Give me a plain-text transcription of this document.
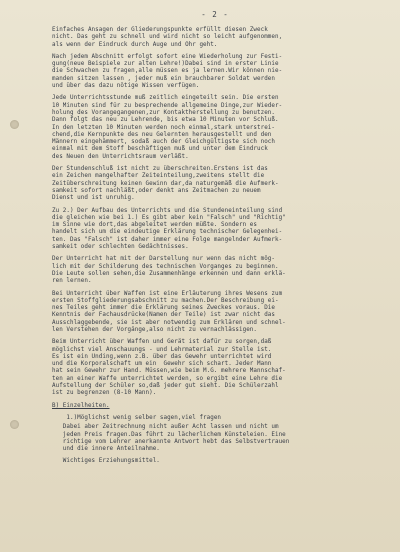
- 2 -
Einfaches Ansagen der Gliederungspunkte erfüllt diesen Zweck
nicht. Das geht zu schnell und wird nicht so leicht aufgenommen,
als wenn der Eindruck durch Auge und Ohr geht.
Nach jedem Abschnitt erfolgt sofort eine Wiederholung zur Festi-
gung(neue Beispiele zur alten Lehre!)Dabei sind in erster Linie
die Schwachen zu fragen,alle müssen es ja lernen.Wir können nie-
manden sitzen lassen , jeder muß ein brauchbarer Soldat werden
und über das dazu nötige Wissen verfügen.
Jede Unterrichtsstunde muß zeitlich eingeteilt sein. Die ersten
10 Minuten sind für zu besprechende allgemeine Dinge,zur Wieder-
holung des Vorangegangenen,zur Kontaktherstellung zu benutzen.
Dann folgt das neu zu Lehrende, bis etwa 10 Minuten vor Schluß.
In den letzten 10 Minuten werden noch einmal,stark unterstrei-
chend,die Kernpunkte des neu Gelernten herausgestellt und den
Männern eingehämmert, sodaß auch der Gleichgültigste sich noch
einmal mit dem Stoff beschäftigen muß und unter dem Eindruck
des Neuen den Unterrichtsraum verläßt.
Der Stundenschluß ist nicht zu überschreiten.Erstens ist das
ein Zeichen mangelhafter Zeiteinteilung,zweitens stellt die
Zeitüberschreitung keinen Gewinn dar,da naturgemäß die Aufmerk-
samkeit sofort nachläßt,oder denkt ans Zeitmachen zu neuem
Dienst und ist unruhig.
Zu 2.) Der Aufbau des Unterrichts und die Stundeneinteilung sind
die gleichen wie bei 1.) Es gibt aber kein "Falsch" und "Richtig"
im Sinne wie dort,das abgeleitet werden müßte. Sondern es
handelt sich um die eindeutige Erklärung technischer Gelegenhei-
ten. Das "Falsch" ist daher immer eine Folge mangelnder Aufmerk-
samkeit oder schlechten Gedächtnisses.
Der Unterricht hat mit der Darstellung nur wenn das nicht mög-
lich mit der Schilderung des technischen Vorganges zu beginnen.
Die Leute sollen sehen,die Zusammenhänge erkennen und dann erklä-
ren lernen.
Bei Unterricht über Waffen ist eine Erläuterung ihres Wesens zum
ersten Stoffgliederungsabschnitt zu machen.Der Beschreibung ei-
nes Teiles geht immer die Erklärung seines Zweckes voraus. Die
Kenntnis der Fachausdrücke(Namen der Teile) ist zwar nicht das
Ausschlaggebende, sie ist aber notwendig zum Erklären und schnel-
len Verstehen der Vorgänge,also nicht zu vernachlässigen.
Beim Unterricht über Waffen und Gerät ist dafür zu sorgen,daß
möglichst viel Anschauungs - und Lehrmaterial zur Stelle ist.
Es ist ein Unding,wenn z.B. über das Gewehr unterrichtet wird
und die Korporalschaft um ein  Gewehr sich schart. Jeder Mann
hat sein Gewehr zur Hand. Müssen,wie beim M.G. mehrere Mannschaf-
ten an einer Waffe unterrichtet werden, so ergibt eine Lehre die
Aufstellung der Schüler so,daß jeder gut sieht. Die Schülerzahl
ist zu begrenzen (8-10 Mann).
B) Einzelheiten.
1.)Möglichst wenig selber sagen,viel fragen
Dabei aber Zeitrechnung nicht außer Acht lassen und nicht um
jeden Preis fragen.Das führt zu lächerlichem Künsteleien. Eine
richtige vom Lehrer anerkannte Antwort hebt das Selbstvertrauen
und die innere Anteilnahme.
Wichtiges Erziehungsmittel.
